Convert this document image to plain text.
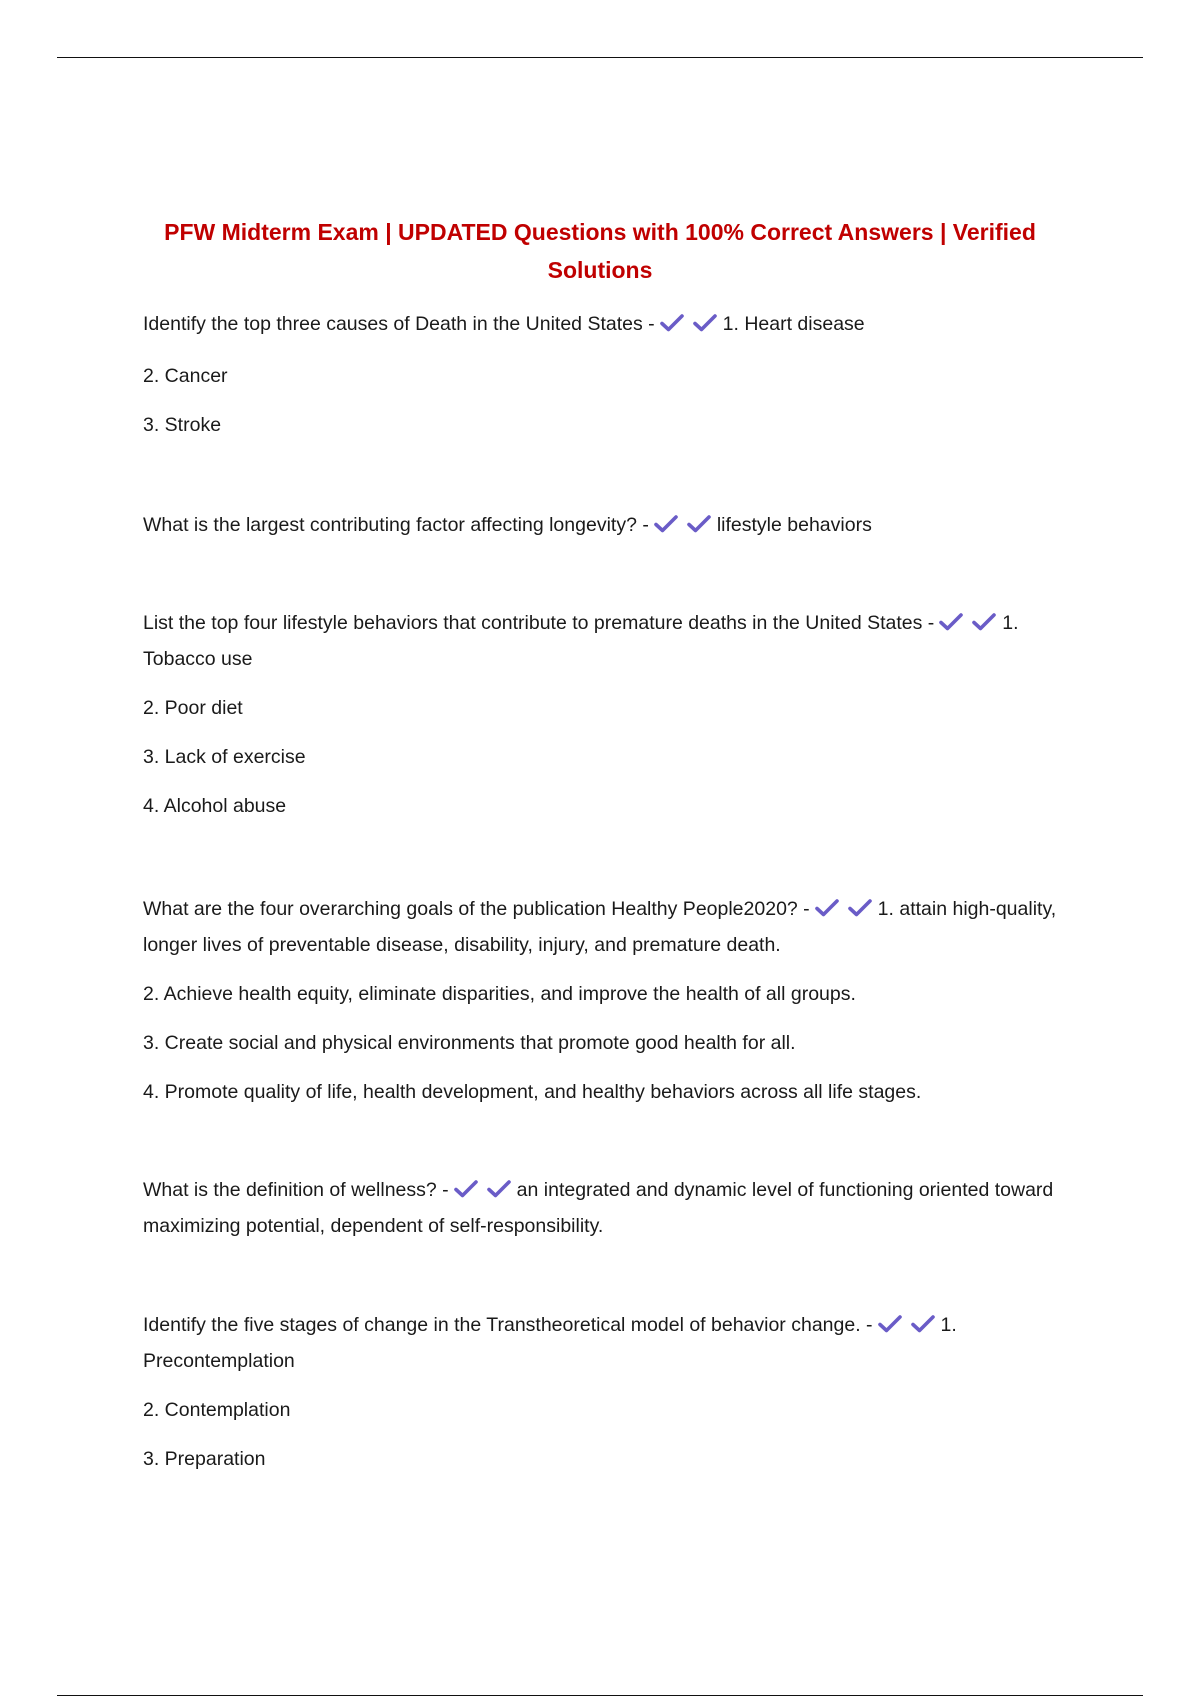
PFW Midterm Exam | UPDATED Questions with 100% Correct Answers | Verified Solutions

Identify the top three causes of Death in the United States -	1. Heart disease

2. Cancer

3. Stroke

What is the largest contributing factor affecting longevity? -	lifestyle behaviors

List the top four lifestyle behaviors that contribute to premature deaths in the United States -	1. Tobacco use

2. Poor diet

3. Lack of exercise

4. Alcohol abuse

What are the four overarching goals of the publication Healthy People2020? -	1. attain high-quality, longer lives of preventable disease, disability, injury, and premature death.

2. Achieve health equity, eliminate disparities, and improve the health of all groups.

3. Create social and physical environments that promote good health for all.

4. Promote quality of life, health development, and healthy behaviors across all life stages.

What is the definition of wellness? -	an integrated and dynamic level of functioning oriented toward maximizing potential, dependent of self-responsibility.

Identify the five stages of change in the Transtheoretical model of behavior change. -	1. Precontemplation

2. Contemplation

3. Preparation
